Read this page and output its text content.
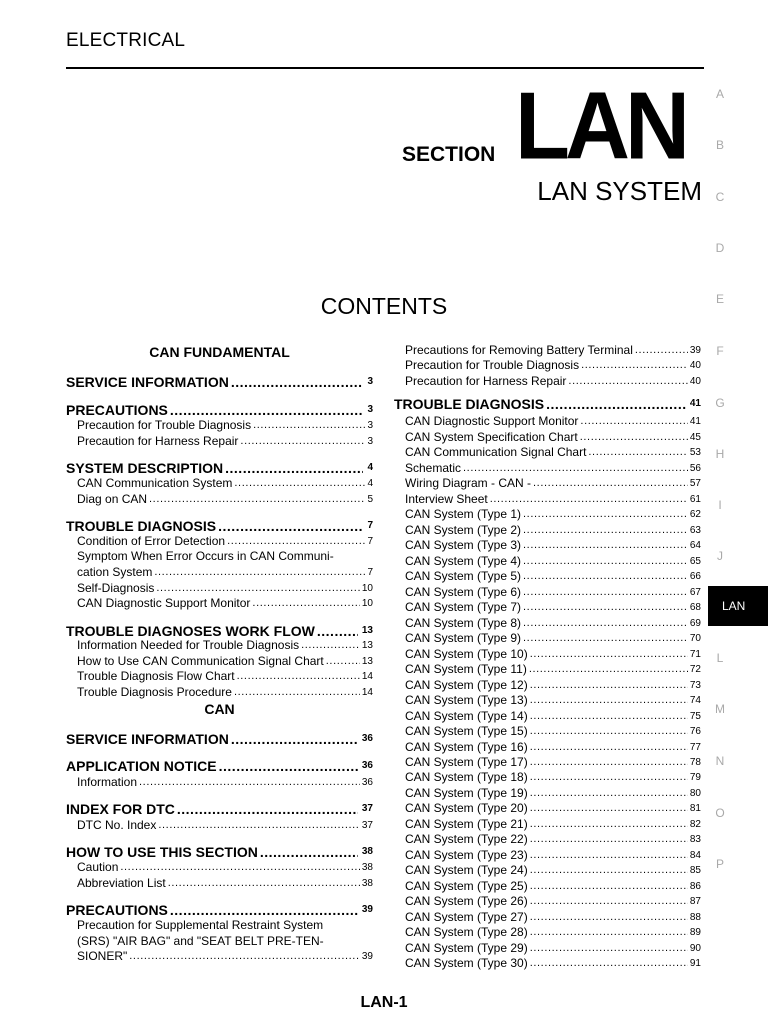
ELECTRICAL
SECTION LAN
LAN SYSTEM
CONTENTS
A
B
C
D
E
F
G
H
I
J
L
M
N
O
P
LAN
CAN FUNDAMENTAL
SERVICE INFORMATION .....	3
PRECAUTIONS .....	3
Precaution for Trouble Diagnosis .....	3
Precaution for Harness Repair .....	3
SYSTEM DESCRIPTION .....	4
CAN Communication System .....	4
Diag on CAN .....	5
TROUBLE DIAGNOSIS .....	7
Condition of Error Detection .....	7
Symptom When Error Occurs in CAN Communi-
cation System .....	7
Self-Diagnosis .....	10
CAN Diagnostic Support Monitor .....	10
TROUBLE DIAGNOSES WORK FLOW .....	13
Information Needed for Trouble Diagnosis .....	13
How to Use CAN Communication Signal Chart .....	13
Trouble Diagnosis Flow Chart .....	14
Trouble Diagnosis Procedure .....	14
CAN
SERVICE INFORMATION .....	36
APPLICATION NOTICE .....	36
Information .....	36
INDEX FOR DTC .....	37
DTC No. Index .....	37
HOW TO USE THIS SECTION .....	38
Caution .....	38
Abbreviation List .....	38
PRECAUTIONS .....	39
Precaution for Supplemental Restraint System
(SRS) "AIR BAG" and "SEAT BELT PRE-TEN-
SIONER" .....	39
Precautions for Removing Battery Terminal .....	39
Precaution for Trouble Diagnosis .....	40
Precaution for Harness Repair .....	40
TROUBLE DIAGNOSIS .....	41
CAN Diagnostic Support Monitor .....	41
CAN System Specification Chart .....	45
CAN Communication Signal Chart .....	53
Schematic .....	56
Wiring Diagram - CAN - .....	57
Interview Sheet .....	61
CAN System (Type 1) .....	62
CAN System (Type 2) .....	63
CAN System (Type 3) .....	64
CAN System (Type 4) .....	65
CAN System (Type 5) .....	66
CAN System (Type 6) .....	67
CAN System (Type 7) .....	68
CAN System (Type 8) .....	69
CAN System (Type 9) .....	70
CAN System (Type 10) .....	71
CAN System (Type 11) .....	72
CAN System (Type 12) .....	73
CAN System (Type 13) .....	74
CAN System (Type 14) .....	75
CAN System (Type 15) .....	76
CAN System (Type 16) .....	77
CAN System (Type 17) .....	78
CAN System (Type 18) .....	79
CAN System (Type 19) .....	80
CAN System (Type 20) .....	81
CAN System (Type 21) .....	82
CAN System (Type 22) .....	83
CAN System (Type 23) .....	84
CAN System (Type 24) .....	85
CAN System (Type 25) .....	86
CAN System (Type 26) .....	87
CAN System (Type 27) .....	88
CAN System (Type 28) .....	89
CAN System (Type 29) .....	90
CAN System (Type 30) .....	91
LAN-1
